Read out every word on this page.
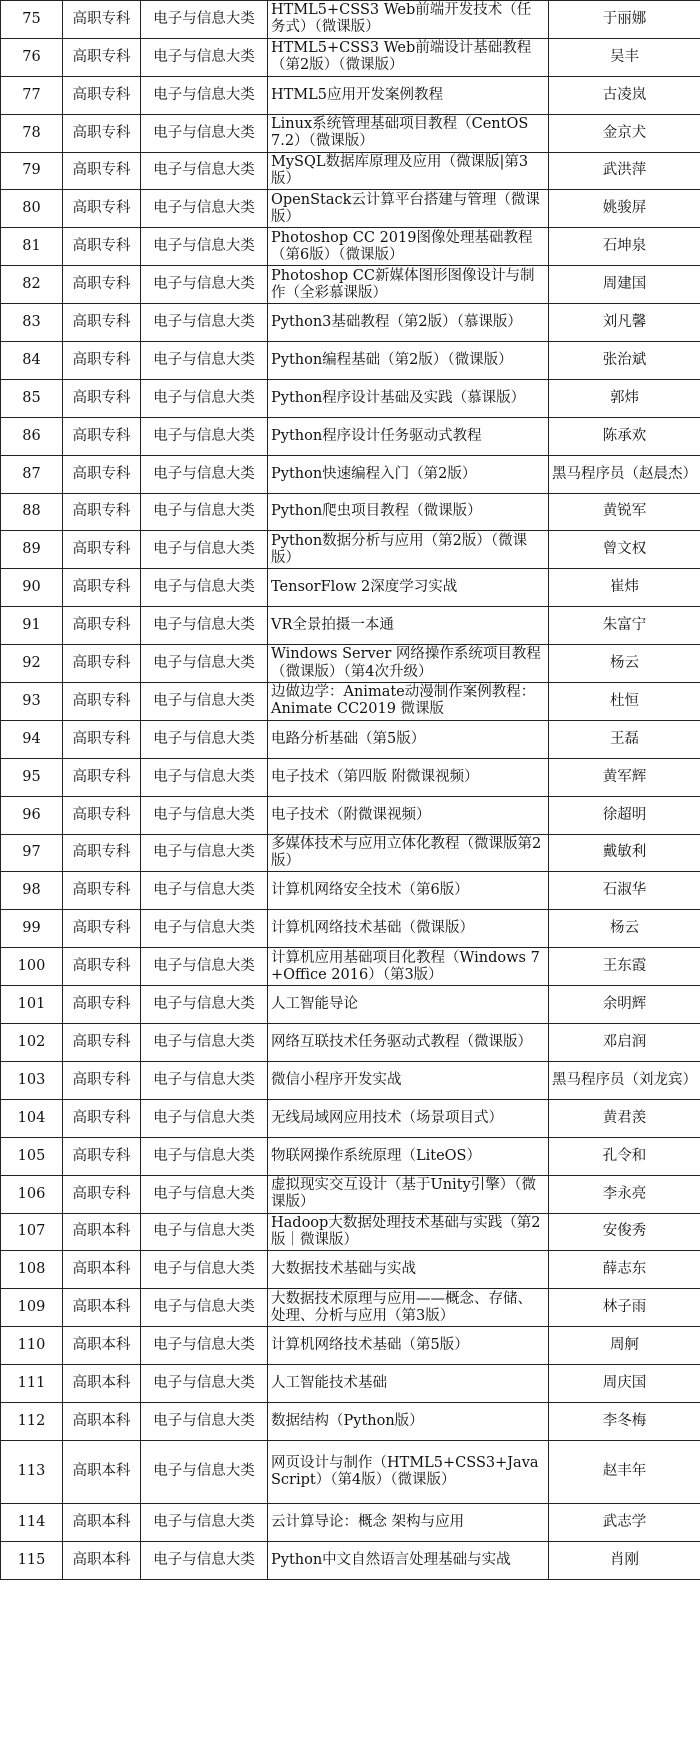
75	高职专科	电子与信息大类	HTML5+CSS3 Web前端开发技术（任务式）（微课版）	于丽娜
76	高职专科	电子与信息大类	HTML5+CSS3 Web前端设计基础教程（第2版）（微课版）	吴丰
77	高职专科	电子与信息大类	HTML5应用开发案例教程	古凌岚
78	高职专科	电子与信息大类	Linux系统管理基础项目教程（CentOS 7.2）（微课版）	金京犬
79	高职专科	电子与信息大类	MySQL数据库原理及应用（微课版|第3版）	武洪萍
80	高职专科	电子与信息大类	OpenStack云计算平台搭建与管理（微课版）	姚骏屏
81	高职专科	电子与信息大类	Photoshop CC 2019图像处理基础教程（第6版）（微课版）	石坤泉
82	高职专科	电子与信息大类	Photoshop CC新媒体图形图像设计与制作（全彩慕课版）	周建国
83	高职专科	电子与信息大类	Python3基础教程（第2版）（慕课版）	刘凡馨
84	高职专科	电子与信息大类	Python编程基础（第2版）（微课版）	张治斌
85	高职专科	电子与信息大类	Python程序设计基础及实践（慕课版）	郭炜
86	高职专科	电子与信息大类	Python程序设计任务驱动式教程	陈承欢
87	高职专科	电子与信息大类	Python快速编程入门（第2版）	黑马程序员（赵晨杰）
88	高职专科	电子与信息大类	Python爬虫项目教程（微课版）	黄锐军
89	高职专科	电子与信息大类	Python数据分析与应用（第2版）（微课版）	曾文权
90	高职专科	电子与信息大类	TensorFlow 2深度学习实战	崔炜
91	高职专科	电子与信息大类	VR全景拍摄一本通	朱富宁
92	高职专科	电子与信息大类	Windows Server 网络操作系统项目教程（微课版）（第4次升级）	杨云
93	高职专科	电子与信息大类	边做边学：Animate动漫制作案例教程：Animate CC2019 微课版	杜恒
94	高职专科	电子与信息大类	电路分析基础（第5版）	王磊
95	高职专科	电子与信息大类	电子技术（第四版 附微课视频）	黄军辉
96	高职专科	电子与信息大类	电子技术（附微课视频）	徐超明
97	高职专科	电子与信息大类	多媒体技术与应用立体化教程（微课版第2版）	戴敏利
98	高职专科	电子与信息大类	计算机网络安全技术（第6版）	石淑华
99	高职专科	电子与信息大类	计算机网络技术基础（微课版）	杨云
100	高职专科	电子与信息大类	计算机应用基础项目化教程（Windows 7+Office 2016）（第3版）	王东霞
101	高职专科	电子与信息大类	人工智能导论	余明辉
102	高职专科	电子与信息大类	网络互联技术任务驱动式教程（微课版）	邓启润
103	高职专科	电子与信息大类	微信小程序开发实战	黑马程序员（刘龙宾）
104	高职专科	电子与信息大类	无线局域网应用技术（场景项目式）	黄君羡
105	高职专科	电子与信息大类	物联网操作系统原理（LiteOS）	孔令和
106	高职专科	电子与信息大类	虚拟现实交互设计（基于Unity引擎）（微课版）	李永亮
107	高职本科	电子与信息大类	Hadoop大数据处理技术基础与实践（第2版｜微课版）	安俊秀
108	高职本科	电子与信息大类	大数据技术基础与实战	薛志东
109	高职本科	电子与信息大类	大数据技术原理与应用——概念、存储、处理、分析与应用（第3版）	林子雨
110	高职本科	电子与信息大类	计算机网络技术基础（第5版）	周舸
111	高职本科	电子与信息大类	人工智能技术基础	周庆国
112	高职本科	电子与信息大类	数据结构（Python版）	李冬梅
113	高职本科	电子与信息大类	网页设计与制作（HTML5+CSS3+JavaScript）（第4版）（微课版）	赵丰年
114	高职本科	电子与信息大类	云计算导论：概念 架构与应用	武志学
115	高职本科	电子与信息大类	Python中文自然语言处理基础与实战	肖刚
